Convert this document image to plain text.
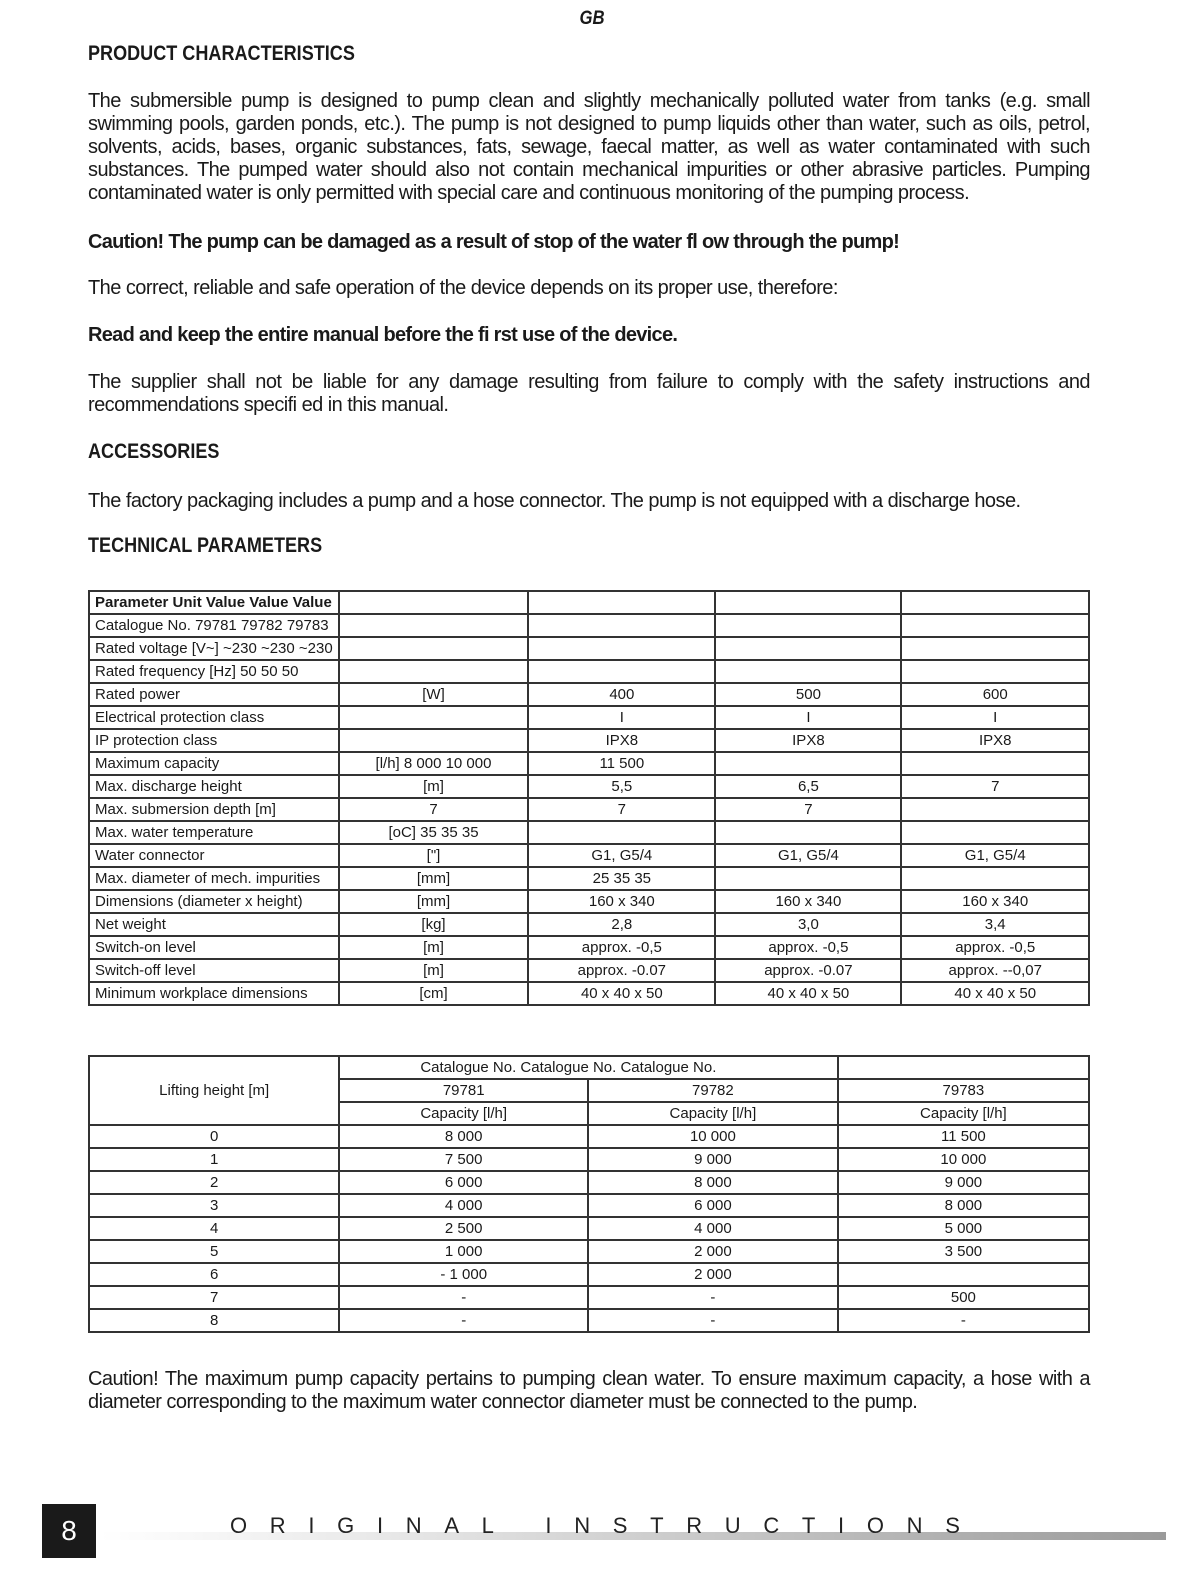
GB
PRODUCT CHARACTERISTICS
The submersible pump is designed to pump clean and slightly mechanically polluted water from tanks (e.g. small swimming pools, garden ponds, etc.). The pump is not designed to pump liquids other than water, such as oils, petrol, solvents, acids, bases, organic substances, fats, sewage, faecal matter, as well as water contaminated with such substances. The pumped water should also not contain mechanical impurities or other abrasive particles. Pumping contaminated water is only permitted with special care and continuous monitoring of the pumping process.
Caution! The pump can be damaged as a result of stop of the water fl ow through the pump!
The correct, reliable and safe operation of the device depends on its proper use, therefore:
Read and keep the entire manual before the fi rst use of the device.
The supplier shall not be liable for any damage resulting from failure to comply with the safety instructions and recommendations specifi ed in this manual.
ACCESSORIES
The factory packaging includes a pump and a hose connector. The pump is not equipped with a discharge hose.
TECHNICAL PARAMETERS
Parameter Unit Value Value Value				
Catalogue No. 79781 79782 79783				
Rated voltage [V~] ~230 ~230 ~230				
Rated frequency [Hz] 50 50 50				
Rated power	[W]	400	500	600
Electrical protection class		I	I	I
IP protection class		IPX8	IPX8	IPX8
Maximum capacity	[l/h] 8 000 10 000	11 500		
Max. discharge height	[m]	5,5	6,5	7
Max. submersion depth [m]	7	7	7	
Max. water temperature	[oC] 35 35 35			
Water connector	["]	G1, G5/4	G1, G5/4	G1, G5/4
Max. diameter of mech. impurities	[mm]	25 35 35		
Dimensions (diameter x height)	[mm]	160 x 340	160 x 340	160 x 340
Net weight	[kg]	2,8	3,0	3,4
Switch-on level	[m]	approx. -0,5	approx. -0,5	approx. -0,5
Switch-off level	[m]	approx. -0.07	approx. -0.07	approx. --0,07
Minimum workplace dimensions	[cm]	40 x 40 x 50	40 x 40 x 50	40 x 40 x 50
Lifting height [m]	Catalogue No. Catalogue No. Catalogue No.		
	79781	79782	79783
	Capacity [l/h]	Capacity [l/h]	Capacity [l/h]
0	8 000	10 000	11 500
1	7 500	9 000	10 000
2	6 000	8 000	9 000
3	4 000	6 000	8 000
4	2 500	4 000	5 000
5	1 000	2 000	3 500
6	- 1 000	2 000	
7	-	-	500
8	-	-	-
Caution! The maximum pump capacity pertains to pumping clean water. To ensure maximum capacity, a hose with a diameter corresponding to the maximum water connector diameter must be connected to the pump.
8	O R I G I N A L
I N S T R U C T I O N S
